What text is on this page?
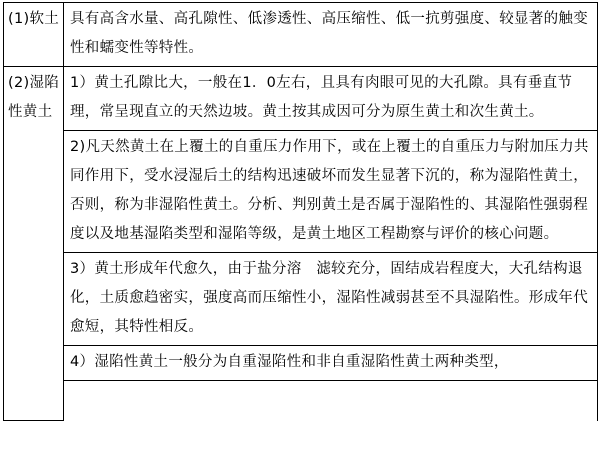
(1)软土	具有高含水量、高孔隙性、低渗透性、高压缩性、低一抗剪强度、较显著的触变性和蠕变性等特性。
(2)湿陷性黄土	1）黄土孔隙比大，一般在1．0左右，且具有肉眼可见的大孔隙。具有垂直节理，常呈现直立的天然边坡。黄土按其成因可分为原生黄土和次生黄土。
	2)凡天然黄土在上覆土的自重压力作用下，或在上覆土的自重压力与附加压力共同作用下，受水浸湿后土的结构迅速破坏而发生显著下沉的，称为湿陷性黄土，否则，称为非湿陷性黄土。分析、判别黄土是否属于湿陷性的、其湿陷性强弱程度以及地基湿陷类型和湿陷等级，是黄土地区工程勘察与评价的核心问题。
	3）黄土形成年代愈久，由于盐分溶　滤较充分，固结成岩程度大，大孔结构退化，土质愈趋密实，强度高而压缩性小，湿陷性减弱甚至不具湿陷性。形成年代愈短，其特性相反。
	4）湿陷性黄土一般分为自重湿陷性和非自重湿陷性黄土两种类型，
